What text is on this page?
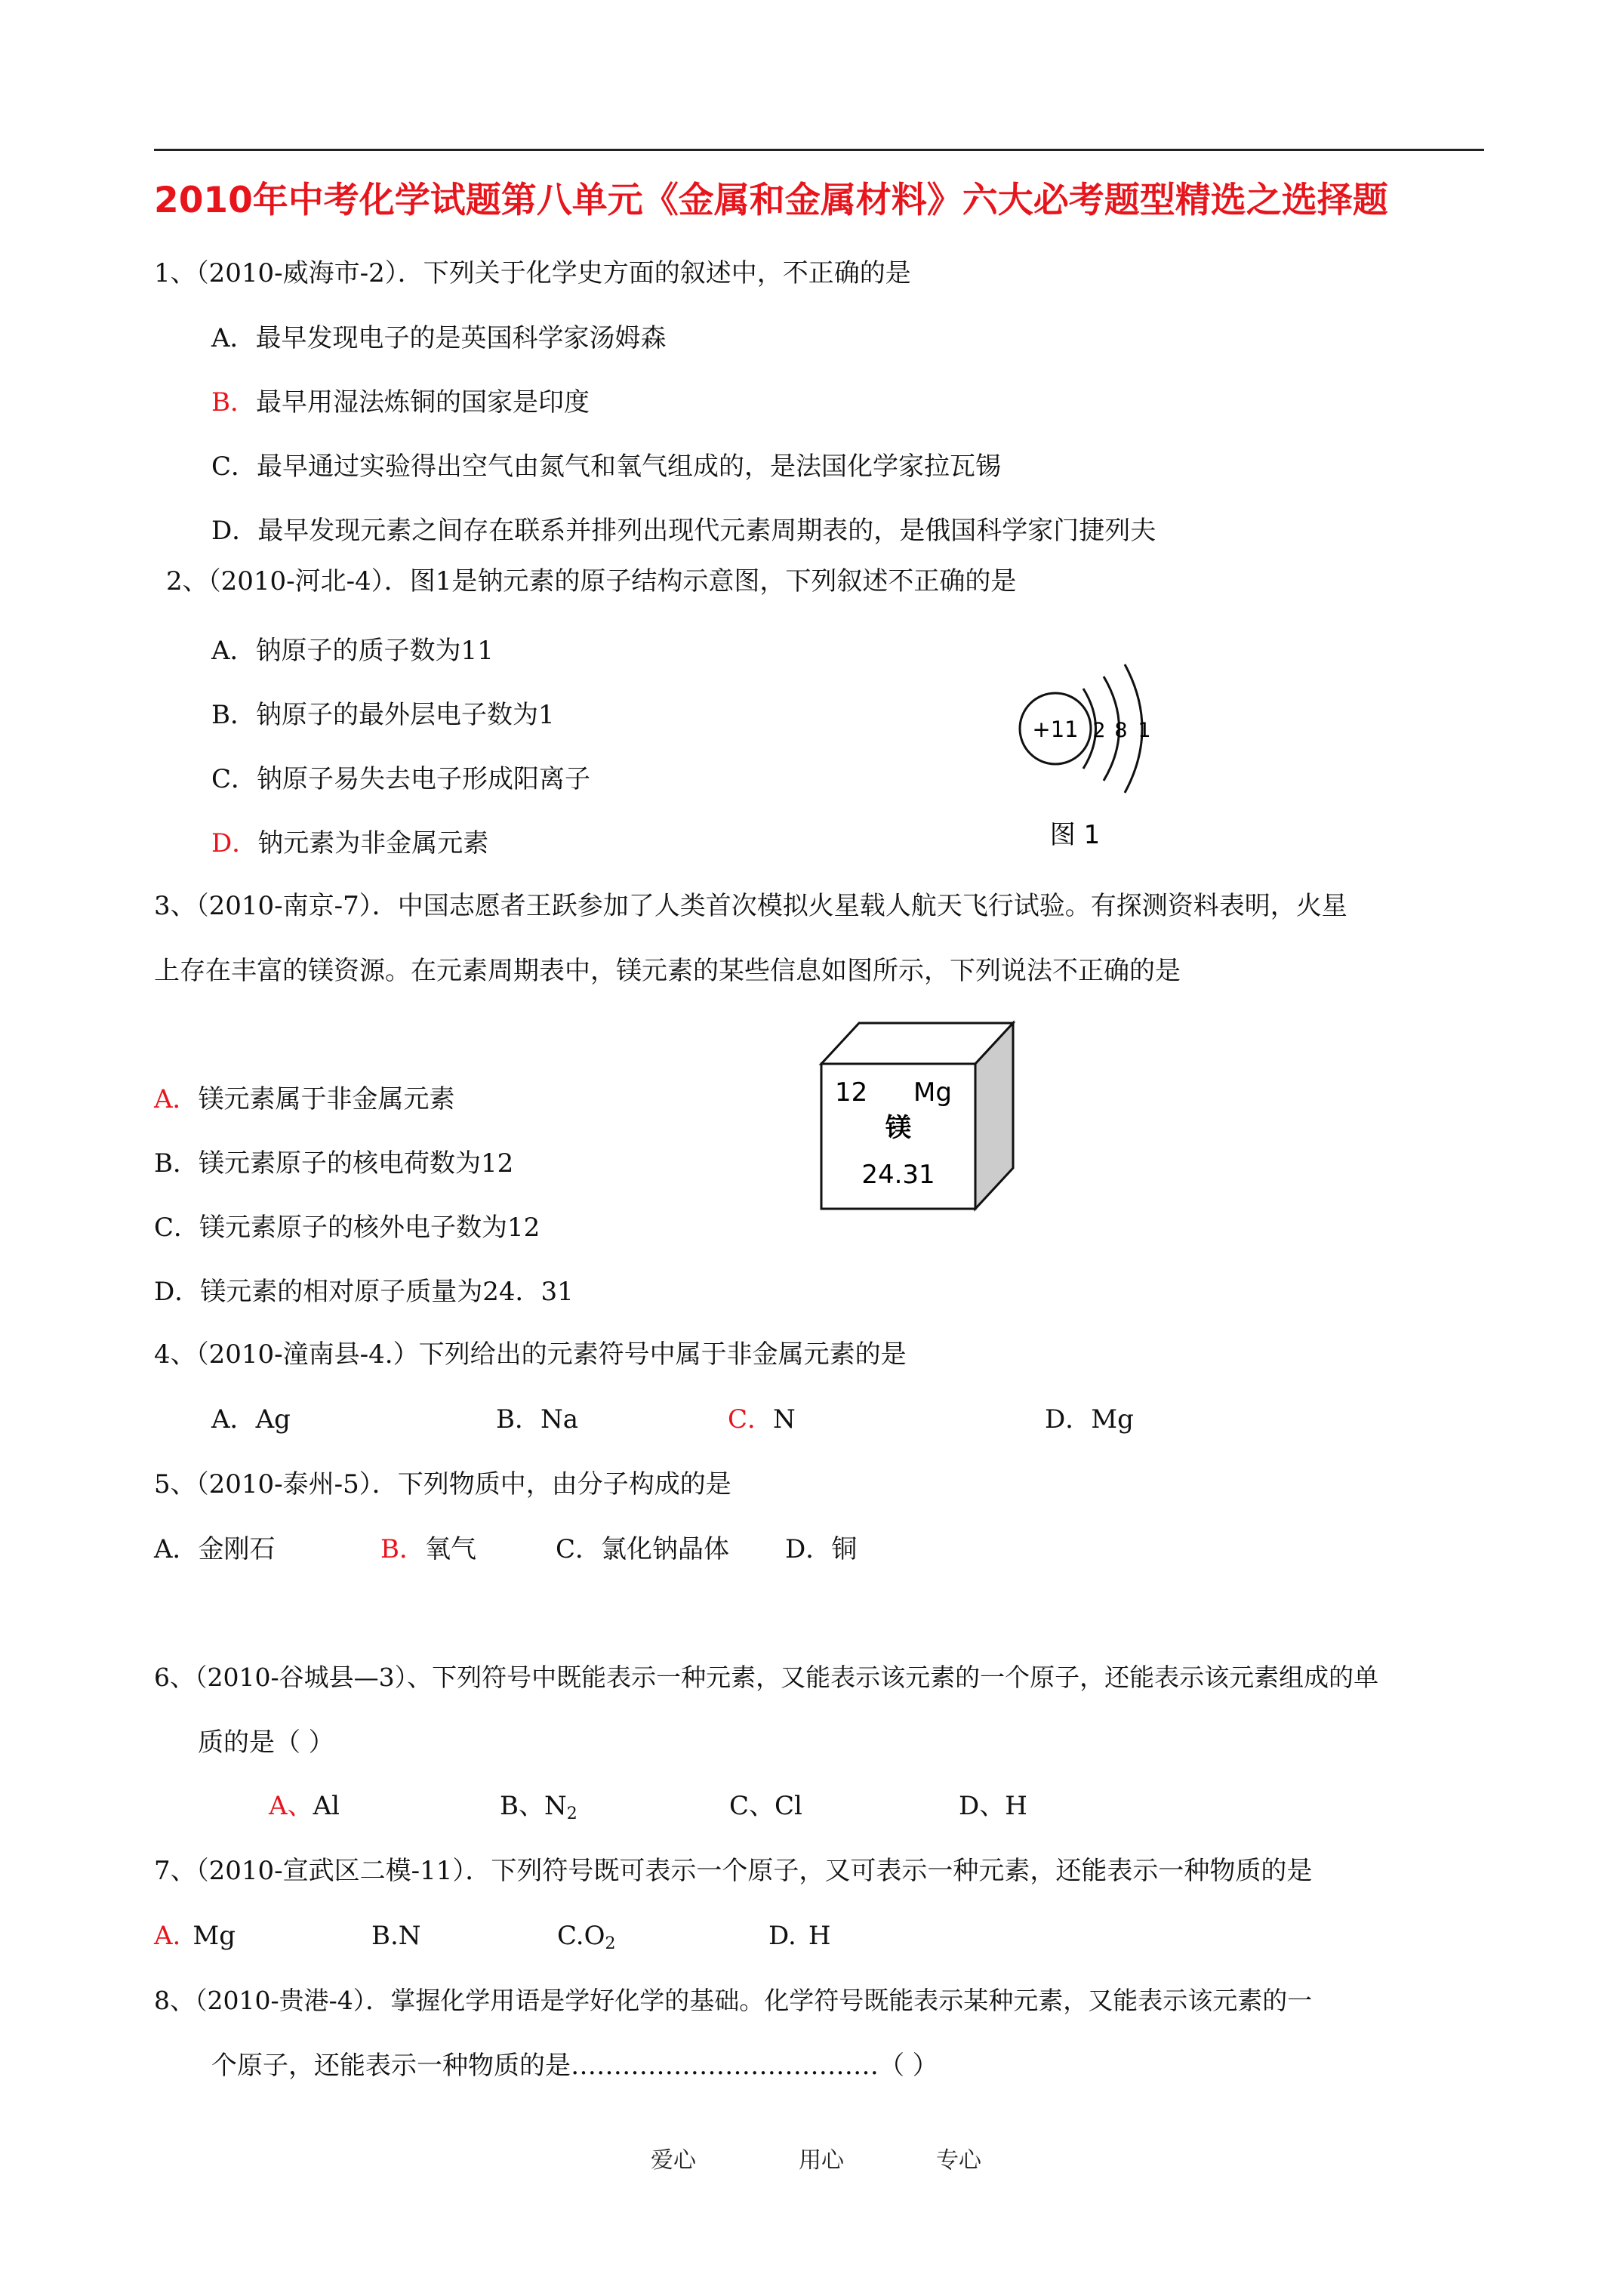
2010年中考化学试题第八单元《金属和金属材料》六大必考题型精选之选择题
1、（2010-威海市-2）．下列关于化学史方面的叙述中，不正确的是
A．最早发现电子的是英国科学家汤姆森
B．最早用湿法炼铜的国家是印度
C．最早通过实验得出空气由氮气和氧气组成的，是法国化学家拉瓦锡
D．最早发现元素之间存在联系并排列出现代元素周期表的，是俄国科学家门捷列夫
2、（2010-河北-4）．图1是钠元素的原子结构示意图，下列叙述不正确的是
A．钠原子的质子数为11
B．钠原子的最外层电子数为1
C．钠原子易失去电子形成阳离子
D．钠元素为非金属元素
+11 2 8 1
图 1
3、（2010-南京-7）．中国志愿者王跃参加了人类首次模拟火星载人航天飞行试验。有探测资料表明，火星
上存在丰富的镁资源。在元素周期表中，镁元素的某些信息如图所示，下列说法不正确的是
A．镁元素属于非金属元素
B．镁元素原子的核电荷数为12
C．镁元素原子的核外电子数为12
D．镁元素的相对原子质量为24．31
12 Mg
镁
24.31
4、（2010-潼南县-4.）下列给出的元素符号中属于非金属元素的是
A．Ag	B．Na	C．N	D．Mg
5、（2010-泰州-5）．下列物质中，由分子构成的是
A．金刚石	B．氧气	C．氯化钠晶体 D．铜
6、（2010-谷城县—3）、下列符号中既能表示一种元素，又能表示该元素的一个原子，还能表示该元素组成的单
质的是（ ）
A、Al	B、$N_2$	C、Cl	D、H
7、（2010-宣武区二模-11）．下列符号既可表示一个原子，又可表示一种元素，还能表示一种物质的是
A. Mg	B.N	$C.O_2$	D. H
8、（2010-贵港-4）．掌握化学用语是学好化学的基础。化学符号既能表示某种元素，又能表示该元素的一
个原子，还能表示一种物质的是………………………………（ ）
爱心	用心	专心
